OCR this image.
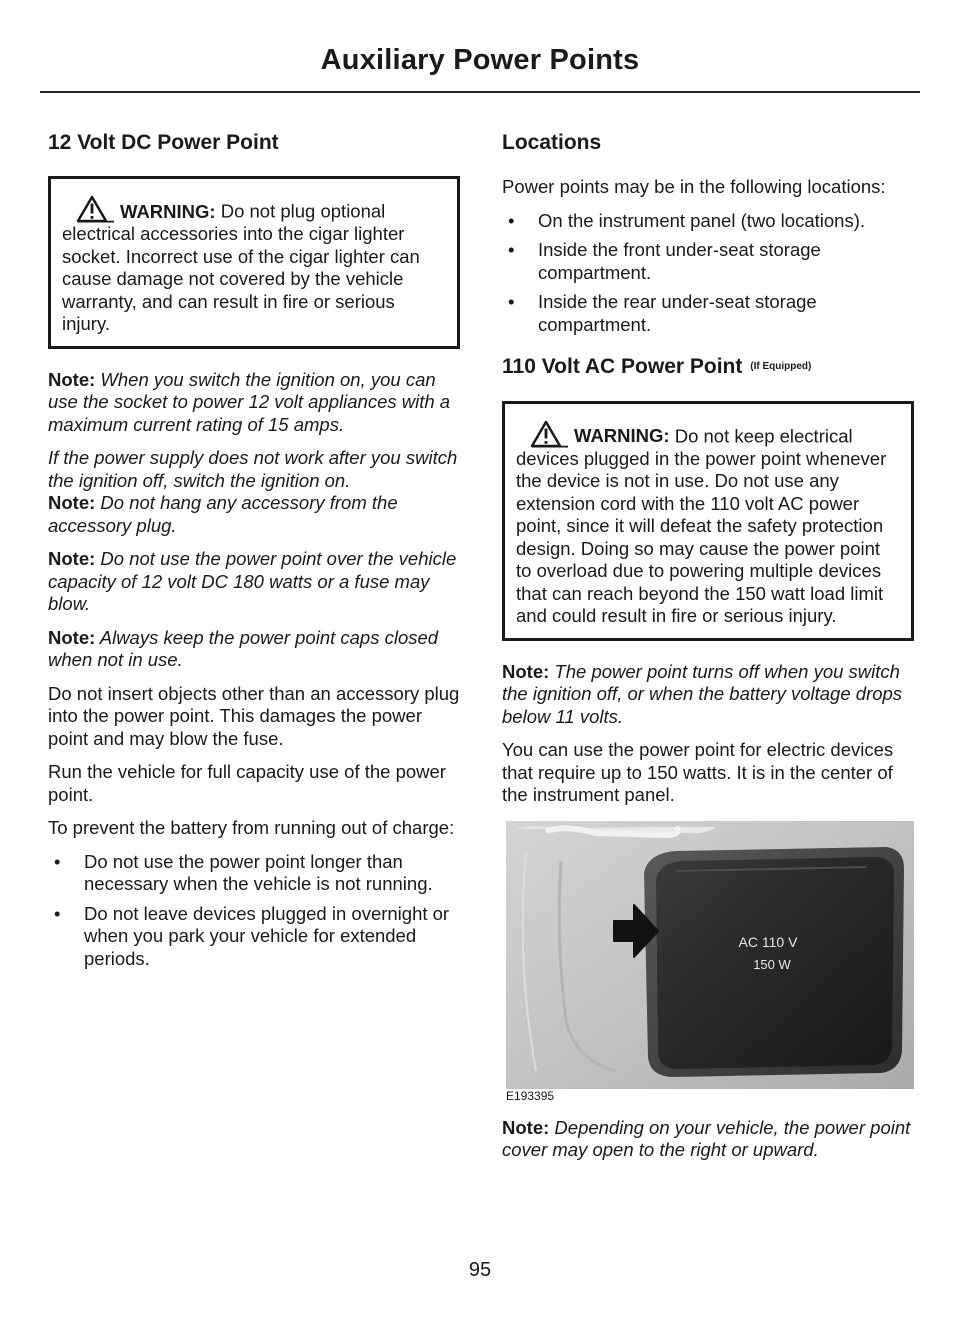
Auxiliary Power Points
12 Volt DC Power Point
WARNING: Do not plug optional electrical accessories into the cigar lighter socket. Incorrect use of the cigar lighter can cause damage not covered by the vehicle warranty, and can result in fire or serious injury.

Note: When you switch the ignition on, you can use the socket to power 12 volt appliances with a maximum current rating of 15 amps.

If the power supply does not work after you switch the ignition off, switch the ignition on.

Note: Do not hang any accessory from the accessory plug.

Note: Do not use the power point over the vehicle capacity of 12 volt DC 180 watts or a fuse may blow.

Note: Always keep the power point caps closed when not in use.

Do not insert objects other than an accessory plug into the power point. This damages the power point and may blow the fuse.

Run the vehicle for full capacity use of the power point.

To prevent the battery from running out of charge:

• Do not use the power point longer than necessary when the vehicle is not running.
• Do not leave devices plugged in overnight or when you park your vehicle for extended periods.
Locations

Power points may be in the following locations:

• On the instrument panel (two locations).
• Inside the front under-seat storage compartment.
• Inside the rear under-seat storage compartment.
110 Volt AC Power Point (If Equipped)
WARNING: Do not keep electrical devices plugged in the power point whenever the device is not in use. Do not use any extension cord with the 110 volt AC power point, since it will defeat the safety protection design. Doing so may cause the power point to overload due to powering multiple devices that can reach beyond the 150 watt load limit and could result in fire or serious injury.

Note: The power point turns off when you switch the ignition off, or when the battery voltage drops below 11 volts.

You can use the power point for electric devices that require up to 150 watts. It is in the center of the instrument panel.

AC 110 V
150 W
E193395

Note: Depending on your vehicle, the power point cover may open to the right or upward.

95
